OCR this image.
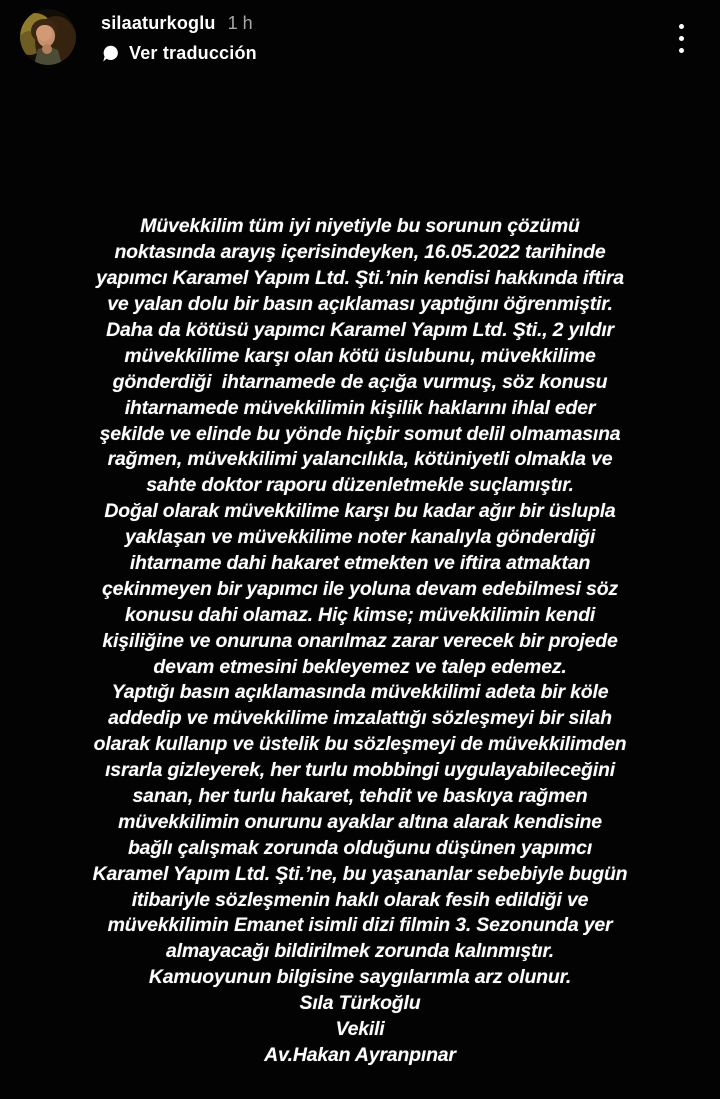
silaaturkoglu 1 h
Ver traducción
Müvekkilim tüm iyi niyetiyle bu sorunun çözümü
noktasında arayış içerisindeyken, 16.05.2022 tarihinde
yapımcı Karamel Yapım Ltd. Şti.’nin kendisi hakkında iftira
ve yalan dolu bir basın açıklaması yaptığını öğrenmiştir.
Daha da kötüsü yapımcı Karamel Yapım Ltd. Şti., 2 yıldır
müvekkilime karşı olan kötü üslubunu, müvekkilime
gönderdiği  ihtarnamede de açığa vurmuş, söz konusu
ihtarnamede müvekkilimin kişilik haklarını ihlal eder
şekilde ve elinde bu yönde hiçbir somut delil olmamasına
rağmen, müvekkilimi yalancılıkla, kötüniyetli olmakla ve
sahte doktor raporu düzenletmekle suçlamıştır.
Doğal olarak müvekkilime karşı bu kadar ağır bir üslupla
yaklaşan ve müvekkilime noter kanalıyla gönderdiği
ihtarname dahi hakaret etmekten ve iftira atmaktan
çekinmeyen bir yapımcı ile yoluna devam edebilmesi söz
konusu dahi olamaz. Hiç kimse; müvekkilimin kendi
kişiliğine ve onuruna onarılmaz zarar verecek bir projede
devam etmesini bekleyemez ve talep edemez.
Yaptığı basın açıklamasında müvekkilimi adeta bir köle
addedip ve müvekkilime imzalattığı sözleşmeyi bir silah
olarak kullanıp ve üstelik bu sözleşmeyi de müvekkilimden
ısrarla gizleyerek, her turlu mobbingi uygulayabileceğini
sanan, her turlu hakaret, tehdit ve baskıya rağmen
müvekkilimin onurunu ayaklar altına alarak kendisine
bağlı çalışmak zorunda olduğunu düşünen yapımcı
Karamel Yapım Ltd. Şti.’ne, bu yaşananlar sebebiyle bugün
itibariyle sözleşmenin haklı olarak fesih edildiği ve
müvekkilimin Emanet isimli dizi filmin 3. Sezonunda yer
almayacağı bildirilmek zorunda kalınmıştır.
Kamuoyunun bilgisine saygılarımla arz olunur.
Sıla Türkoğlu
Vekili
Av.Hakan Ayranpınar
